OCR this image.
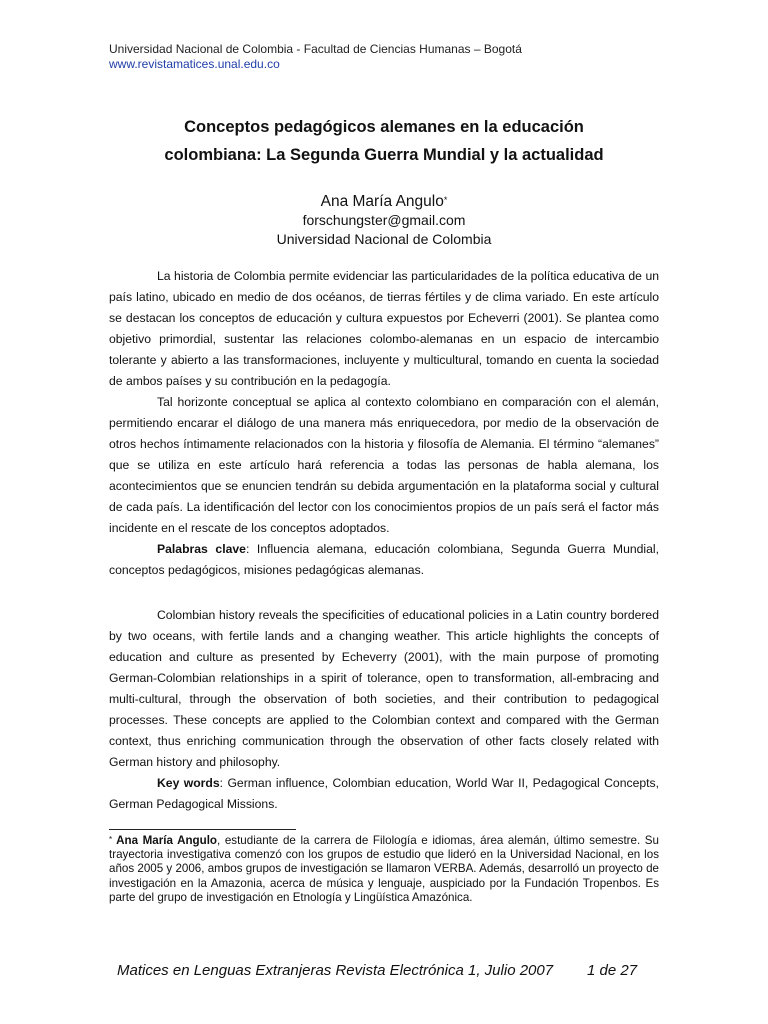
Universidad Nacional de Colombia - Facultad de Ciencias Humanas – Bogotá
www.revistamatices.unal.edu.co
Conceptos pedagógicos alemanes en la educación
colombiana: La Segunda Guerra Mundial y la actualidad
Ana María Angulo*
forschungster@gmail.com
Universidad Nacional de Colombia

La historia de Colombia permite evidenciar las particularidades de la política educativa de un país latino, ubicado en medio de dos océanos, de tierras fértiles y de clima variado. En este artículo se destacan los conceptos de educación y cultura expuestos por Echeverri (2001). Se plantea como objetivo primordial, sustentar las relaciones colombo-alemanas en un espacio de intercambio tolerante y abierto a las transformaciones, incluyente y multicultural, tomando en cuenta la sociedad de ambos países y su contribución en la pedagogía.

Tal horizonte conceptual se aplica al contexto colombiano en comparación con el alemán, permitiendo encarar el diálogo de una manera más enriquecedora, por medio de la observación de otros hechos íntimamente relacionados con la historia y filosofía de Alemania. El término “alemanes” que se utiliza en este artículo hará referencia a todas las personas de habla alemana, los acontecimientos que se enuncien tendrán su debida argumentación en la plataforma social y cultural de cada país. La identificación del lector con los conocimientos propios de un país será el factor más incidente en el rescate de los conceptos adoptados.

Palabras clave: Influencia alemana, educación colombiana, Segunda Guerra Mundial, conceptos pedagógicos, misiones pedagógicas alemanas.

Colombian history reveals the specificities of educational policies in a Latin country bordered by two oceans, with fertile lands and a changing weather. This article highlights the concepts of education and culture as presented by Echeverry (2001), with the main purpose of promoting German-Colombian relationships in a spirit of tolerance, open to transformation, all-embracing and multi-cultural, through the observation of both societies, and their contribution to pedagogical processes. These concepts are applied to the Colombian context and compared with the German context, thus enriching communication through the observation of other facts closely related with German history and philosophy.

Key words: German influence, Colombian education, World War II, Pedagogical Concepts, German Pedagogical Missions.

* Ana María Angulo, estudiante de la carrera de Filología e idiomas, área alemán, último semestre. Su trayectoria investigativa comenzó con los grupos de estudio que lideró en la Universidad Nacional, en los años 2005 y 2006, ambos grupos de investigación se llamaron VERBA. Además, desarrolló un proyecto de investigación en la Amazonia, acerca de música y lenguaje, auspiciado por la Fundación Tropenbos. Es parte del grupo de investigación en Etnología y Lingüística Amazónica.

Matices en Lenguas Extranjeras Revista Electrónica 1, Julio 2007 1 de 27
